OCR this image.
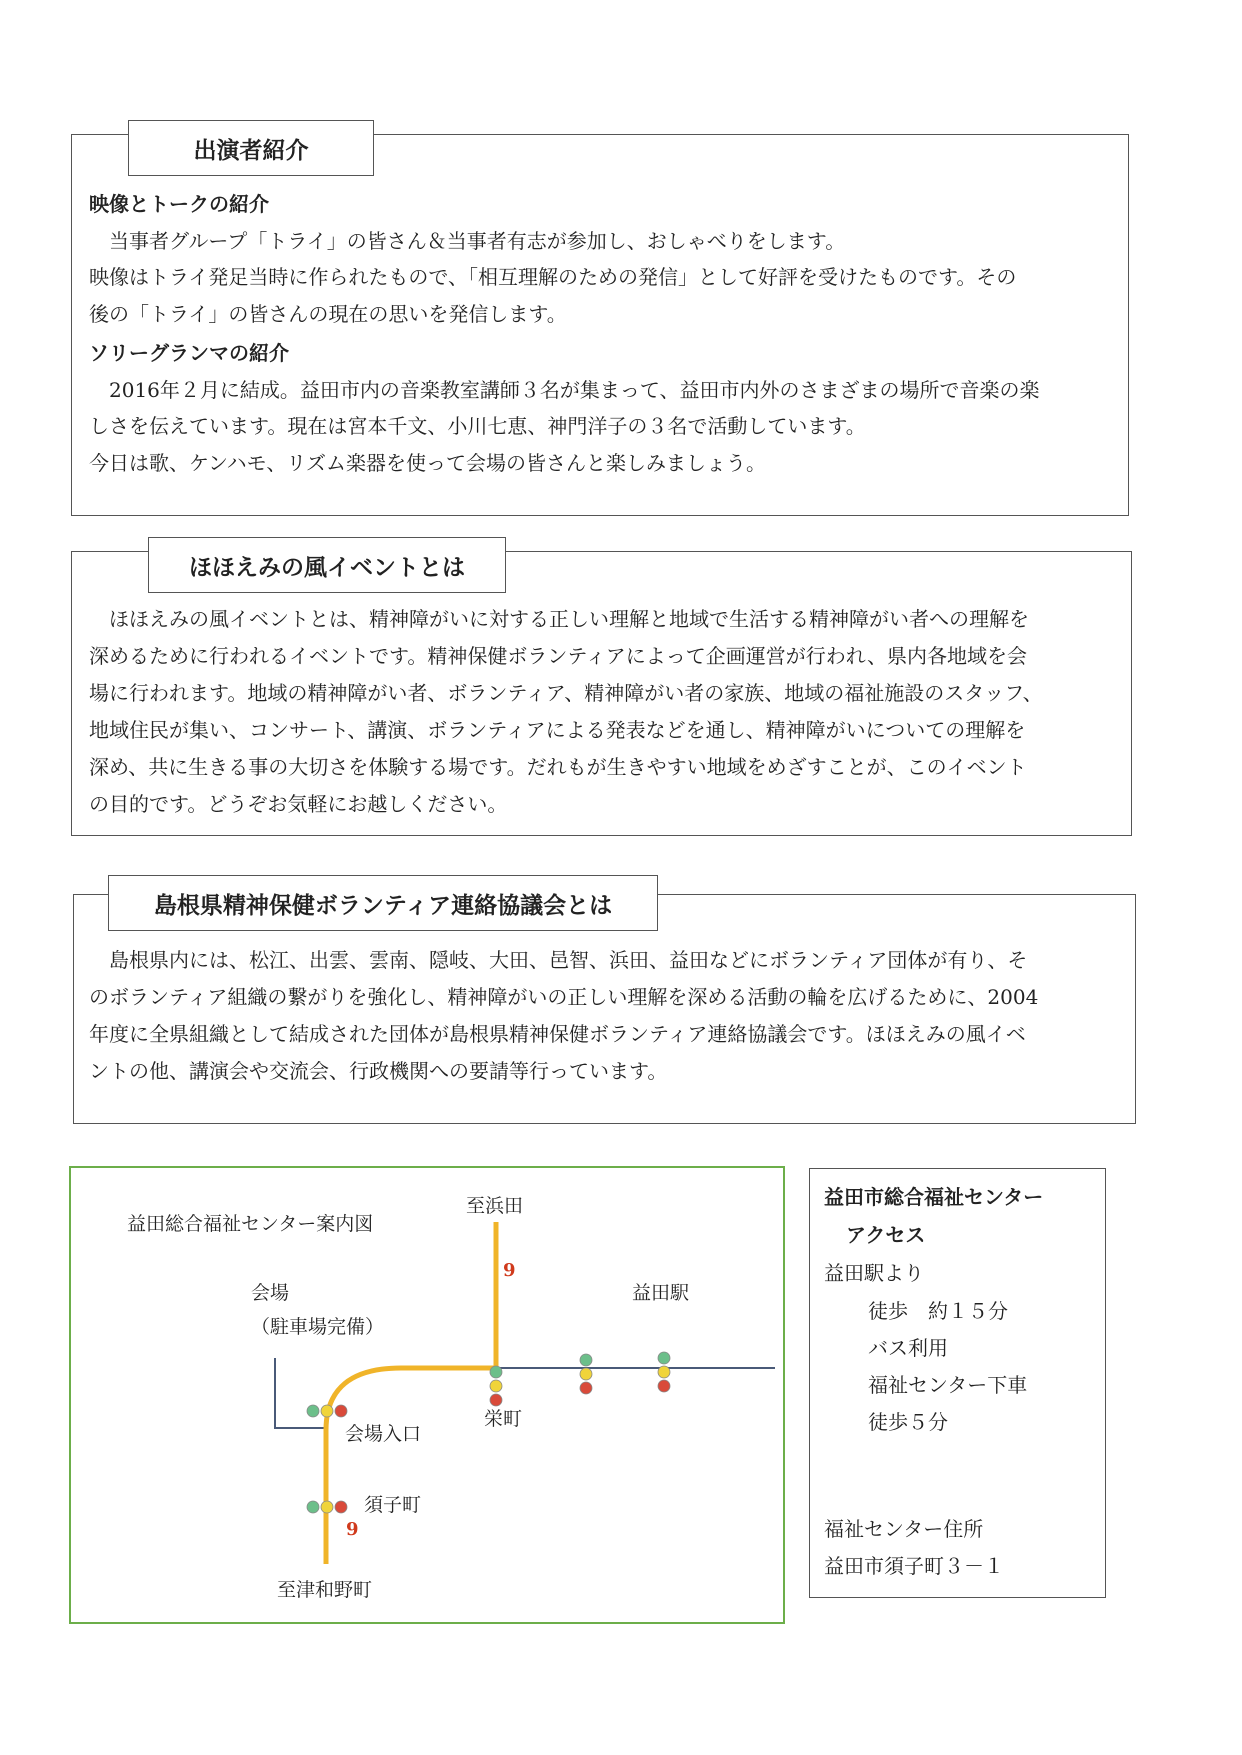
出演者紹介
映像とトークの紹介
　当事者グループ「トライ」の皆さん＆当事者有志が参加し、おしゃべりをします。
映像はトライ発足当時に作られたもので、「相互理解のための発信」として好評を受けたものです。その
後の「トライ」の皆さんの現在の思いを発信します。
ソリーグランマの紹介
　2016年２月に結成。益田市内の音楽教室講師３名が集まって、益田市内外のさまざまの場所で音楽の楽
しさを伝えています。現在は宮本千文、小川七恵、神門洋子の３名で活動しています。
今日は歌、ケンハモ、リズム楽器を使って会場の皆さんと楽しみましょう。
ほほえみの風イベントとは
　ほほえみの風イベントとは、精神障がいに対する正しい理解と地域で生活する精神障がい者への理解を
深めるために行われるイベントです。精神保健ボランティアによって企画運営が行われ、県内各地域を会
場に行われます。地域の精神障がい者、ボランティア、精神障がい者の家族、地域の福祉施設のスタッフ、
地域住民が集い、コンサート、講演、ボランティアによる発表などを通し、精神障がいについての理解を
深め、共に生きる事の大切さを体験する場です。だれもが生きやすい地域をめざすことが、このイベント
の目的です。どうぞお気軽にお越しください。
島根県精神保健ボランティア連絡協議会とは
　島根県内には、松江、出雲、雲南、隠岐、大田、邑智、浜田、益田などにボランティア団体が有り、そ
のボランティア組織の繋がりを強化し、精神障がいの正しい理解を深める活動の輪を広げるために、2004
年度に全県組織として結成された団体が島根県精神保健ボランティア連絡協議会です。ほほえみの風イベ
ントの他、講演会や交流会、行政機関への要請等行っています。
益田総合福祉センター案内図
至浜田
9
会場
（駐車場完備）
益田駅
栄町
会場入口
須子町
9
至津和野町
益田市総合福祉センター
アクセス
益田駅より
徒歩　約１５分
バス利用
福祉センター下車
徒歩５分
福祉センター住所
益田市須子町３－１
